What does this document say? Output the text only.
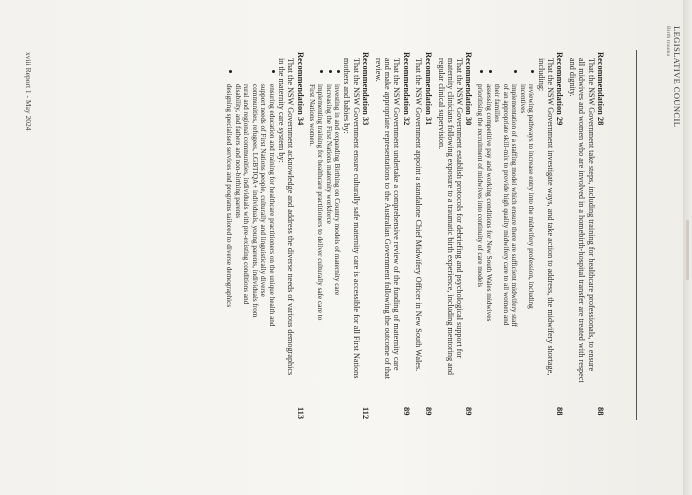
LEGISLATIVE COUNCIL
Birth trauma
xviii Report 1 - May 2024	Recommendation 28
88
That the NSW Government take steps, including training for healthcare professionals, to ensure
all midwives and women who are involved in a homebirth-hospital transfer are treated with respect
and dignity.
Recommendation 29
88
That the NSW Government investigate ways, and take action to address, the midwifery shortage,
including:
reviewing pathways to increase entry into the midwifery profession, including
incentives
implementation of a staffing model which ensure there are sufficient midwifery staff
of an appropriate skill-mix to provide high quality midwifery care to all women and
their families
assessing competitive pay and working conditions for New South Wales midwives
prioritising the recruitment of midwives into continuity of care models
Recommendation 30
89
That the NSW Government establish protocols for debriefing and psychological support for
maternity clinicians following exposure to a traumatic birth experience, including mentoring and
regular clinical supervision.
Recommendation 31
89
That the NSW Government appoint a standalone Chief Midwifery Officer in New South Wales.
Recommendation 32
89
That the NSW Government undertake a comprehensive review of the funding of maternity care
and make appropriate representations to the Australian Government following the outcome of that
review.
Recommendation 33
112
That the NSW Government ensure culturally safe maternity care is accessible for all First Nations
mothers and babies by:
investing in and expanding Birthing on Country models of maternity care
increasing the First Nations maternity workforce
implementing training for healthcare practitioners to deliver culturally safe care to
First Nations women.
Recommendation 34
113
That the NSW Government acknowledge and address the diverse needs of various demographics
in the maternity care system by:
ensuring education and training for healthcare practitioners on the unique health and
support needs of First Nations people, culturally and linguistically diverse
communities, refugees, LGBTIQA+ individuals, young parents, individuals from
rural and regional communities, individuals with pre-existing conditions and
disability, and fathers and non-birthing parents
designing specialised services and programs tailored to diverse demographics
